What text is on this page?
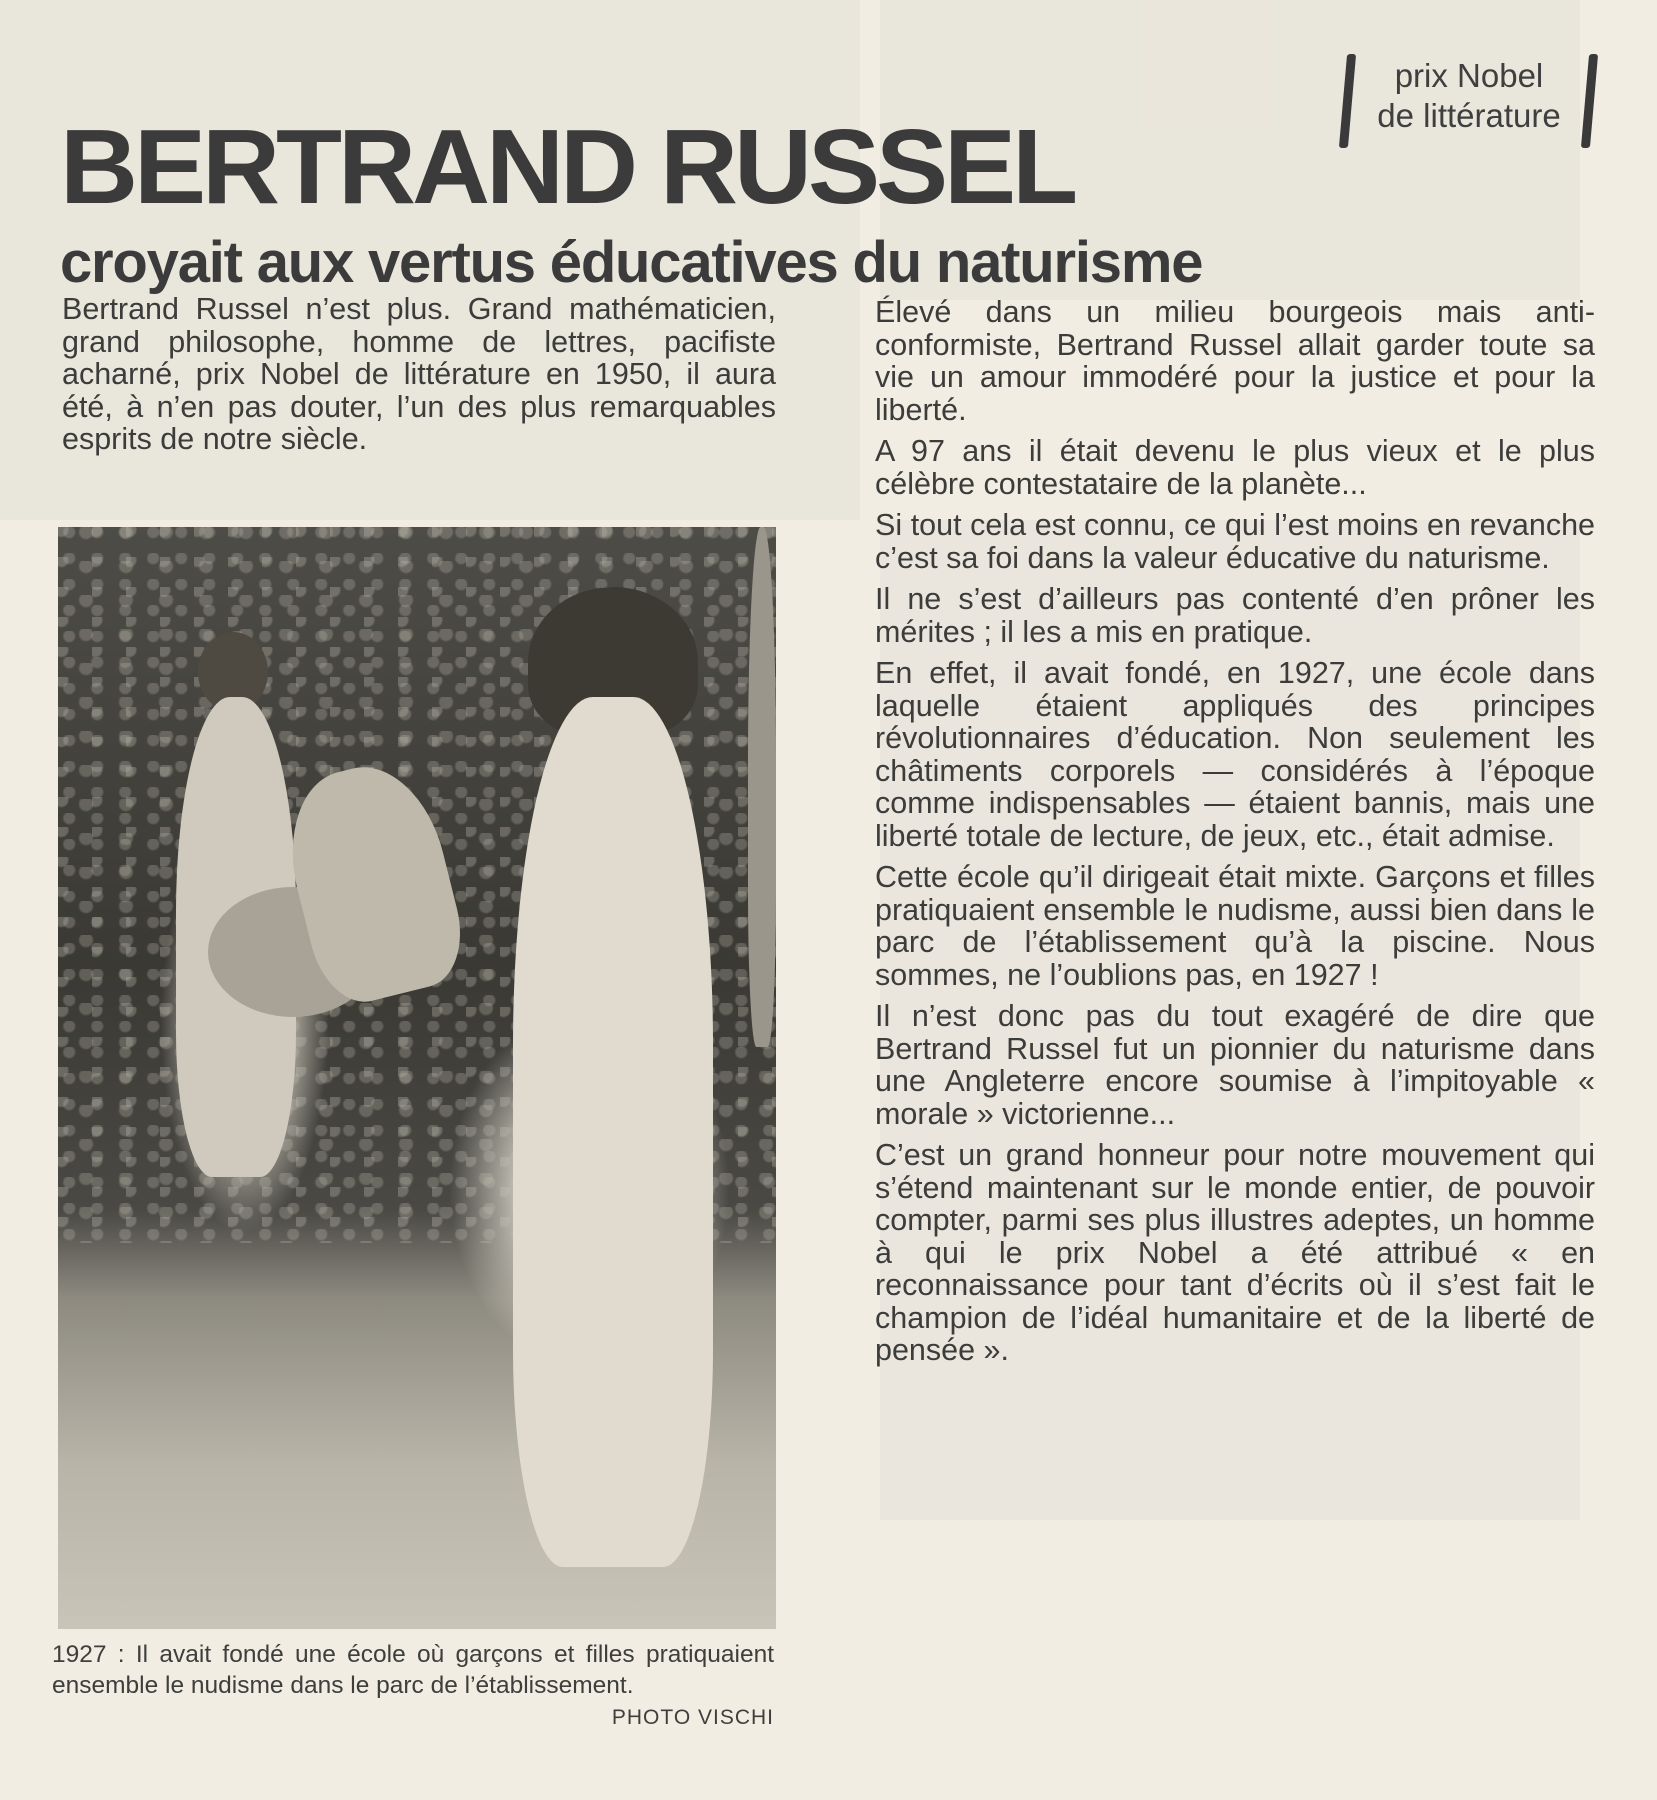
BERTRAND RUSSEL
prix Nobel
de littérature
croyait aux vertus éducatives du naturisme

Bertrand Russel n’est plus. Grand mathématicien, grand philosophe, homme de lettres, pacifiste acharné, prix Nobel de littérature en 1950, il aura été, à n’en pas douter, l’un des plus remarquables esprits de notre siècle.

1927 : Il avait fondé une école où garçons et filles pratiquaient ensemble le nudisme dans le parc de l’établissement.
PHOTO VISCHI

Élevé dans un milieu bourgeois mais anti-conformiste, Bertrand Russel allait garder toute sa vie un amour immodéré pour la justice et pour la liberté.

A 97 ans il était devenu le plus vieux et le plus célèbre contestataire de la planète...

Si tout cela est connu, ce qui l’est moins en revanche c’est sa foi dans la valeur éducative du naturisme.

Il ne s’est d’ailleurs pas contenté d’en prôner les mérites ; il les a mis en pratique.

En effet, il avait fondé, en 1927, une école dans laquelle étaient appliqués des principes révolutionnaires d’éducation. Non seulement les châtiments corporels — considérés à l’époque comme indispensables — étaient bannis, mais une liberté totale de lecture, de jeux, etc., était admise.

Cette école qu’il dirigeait était mixte. Garçons et filles pratiquaient ensemble le nudisme, aussi bien dans le parc de l’établissement qu’à la piscine. Nous sommes, ne l’oublions pas, en 1927 !

Il n’est donc pas du tout exagéré de dire que Bertrand Russel fut un pionnier du naturisme dans une Angleterre encore soumise à l’impitoyable « morale » victorienne...

C’est un grand honneur pour notre mouvement qui s’étend maintenant sur le monde entier, de pouvoir compter, parmi ses plus illustres adeptes, un homme à qui le prix Nobel a été attribué « en reconnaissance pour tant d’écrits où il s’est fait le champion de l’idéal humanitaire et de la liberté de pensée ».
